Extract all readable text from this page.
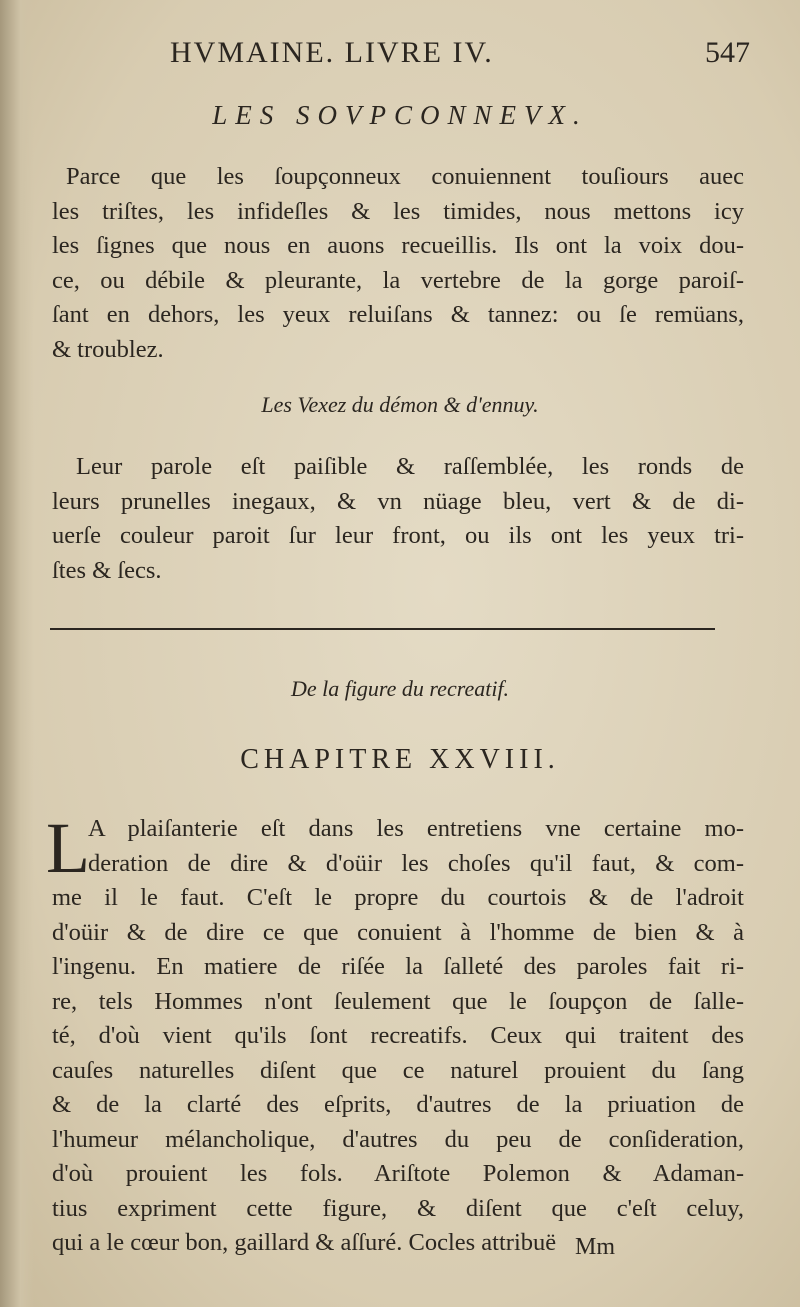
HVMAINE. LIVRE IV.	547
LES SOVPCONNEVX.
Parce que les ſoupçonneux conuiennent touſiours auec
les triſtes, les infideſles & les timides, nous mettons icy
les ſignes que nous en auons recueillis. Ils ont la voix dou-
ce, ou débile & pleurante, la vertebre de la gorge paroiſ-
ſant en dehors, les yeux reluiſans & tannez: ou ſe remüans,
& troublez.
Les Vexez du démon & d'ennuy.
Leur parole eſt paiſible & raſſemblée, les ronds de
leurs prunelles inegaux, & vn nüage bleu, vert & de di-
uerſe couleur paroit ſur leur front, ou ils ont les yeux tri-
ſtes & ſecs.
De la figure du recreatif.
CHAPITRE XXVIII.
L
A plaiſanterie eſt dans les entretiens vne certaine mo-
deration de dire & d'oüir les choſes qu'il faut, & com-
me il le faut. C'eſt le propre du courtois & de l'adroit
d'oüir & de dire ce que conuient à l'homme de bien & à
l'ingenu. En matiere de riſée la ſalleté des paroles fait ri-
re, tels Hommes n'ont ſeulement que le ſoupçon de ſalle-
té, d'où vient qu'ils ſont recreatifs. Ceux qui traitent des
cauſes naturelles diſent que ce naturel prouient du ſang
& de la clarté des eſprits, d'autres de la priuation de
l'humeur mélancholique, d'autres du peu de conſideration,
d'où prouient les fols. Ariſtote Polemon & Adaman-
tius expriment cette figure, & diſent que c'eſt celuy,
qui a le cœur bon, gaillard & aſſuré. Cocles attribuë Mm
